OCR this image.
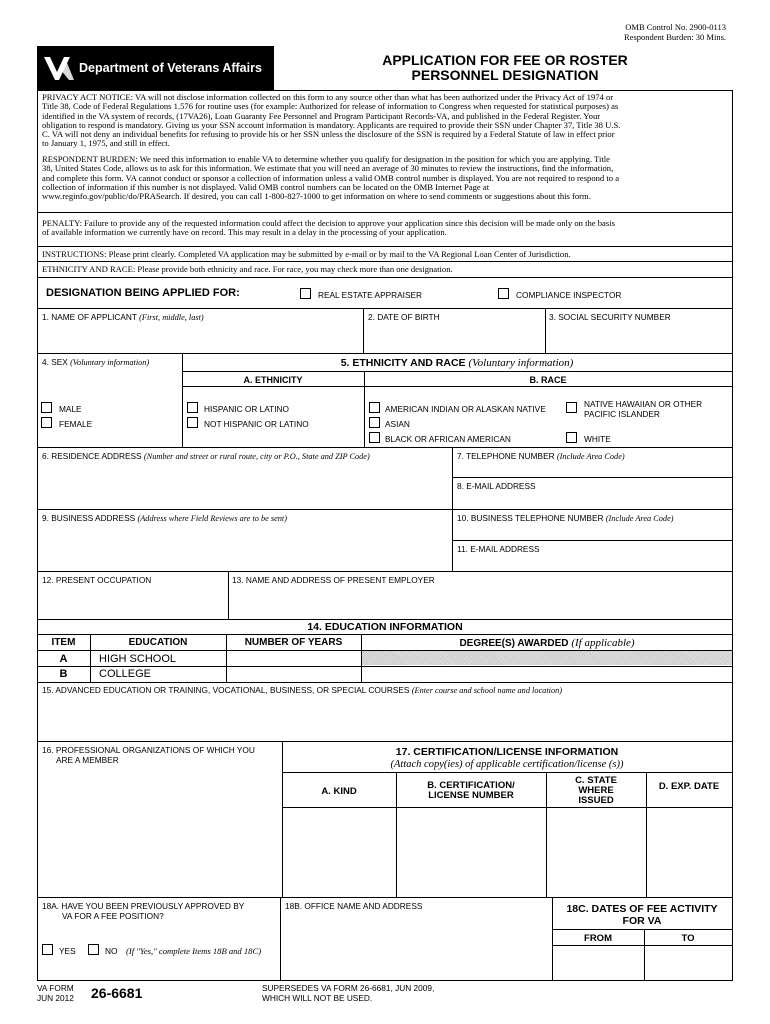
OMB Control No. 2900-0113
Respondent Burden: 30 Mins.
Department of Veterans Affairs	APPLICATION FOR FEE OR ROSTER
PERSONNEL DESIGNATION
PRIVACY ACT NOTICE: VA will not disclose information collected on this form to any source other than what has been authorized under the Privacy Act of 1974 or
Title 38, Code of Federal Regulations 1.576 for routine uses (for example: Authorized for release of information to Congress when requested for statistical purposes) as
identified in the VA system of records, (17VA26), Loan Guaranty Fee Personnel and Program Participant Records-VA, and published in the Federal Register. Your
obligation to respond is mandatory. Giving us your SSN account information is mandatory. Applicants are required to provide their SSN under Chapter 37, Title 38 U.S.
C. VA will not deny an individual benefits for refusing to provide his or her SSN unless the disclosure of the SSN is required by a Federal Statute of law in effect prior
to January 1, 1975, and still in effect.
RESPONDENT BURDEN: We need this information to enable VA to determine whether you qualify for designation in the position for which you are applying. Title
38, United States Code, allows us to ask for this information. We estimate that you will need an average of 30 minutes to review the instructions, find the information,
and complete this form. VA cannot conduct or sponsor a collection of information unless a valid OMB control number is displayed. You are not required to respond to a
collection of information if this number is not displayed. Valid OMB control numbers can be located on the OMB Internet Page at
www.reginfo.gov/public/do/PRASearch. If desired, you can call 1-800-827-1000 to get information on where to send comments or suggestions about this form.
PENALTY: Failure to provide any of the requested information could affect the decision to approve your application since this decision will be made only on the basis
of available information we currently have on record. This may result in a delay in the processing of your application.
INSTRUCTIONS: Please print clearly. Completed VA application may be submitted by e-mail or by mail to the VA Regional Loan Center of Jurisdiction.
ETHNICITY AND RACE: Please provide both ethnicity and race. For race, you may check more than one designation.
DESIGNATION BEING APPLIED FOR:	REAL ESTATE APPRAISER	COMPLIANCE INSPECTOR
1. NAME OF APPLICANT (First, middle, last)	2. DATE OF BIRTH	3. SOCIAL SECURITY NUMBER
4. SEX (Voluntary information)	5. ETHNICITY AND RACE (Voluntary information)
A. ETHNICITY	B. RACE
MALE
FEMALE
HISPANIC OR LATINO
NOT HISPANIC OR LATINO
AMERICAN INDIAN OR ALASKAN NATIVE	NATIVE HAWAIIAN OR OTHER
PACIFIC ISLANDER
ASIAN
BLACK OR AFRICAN AMERICAN	WHITE
6. RESIDENCE ADDRESS (Number and street or rural route, city or P.O., State and ZIP Code)	7. TELEPHONE NUMBER (Include Area Code)
8. E-MAIL ADDRESS
9. BUSINESS ADDRESS (Address where Field Reviews are to be sent)	10. BUSINESS TELEPHONE NUMBER (Include Area Code)
11. E-MAIL ADDRESS
12. PRESENT OCCUPATION	13. NAME AND ADDRESS OF PRESENT EMPLOYER
14. EDUCATION INFORMATION
ITEM	EDUCATION	NUMBER OF YEARS	DEGREE(S) AWARDED (If applicable)
A	HIGH SCHOOL
B	COLLEGE
15. ADVANCED EDUCATION OR TRAINING, VOCATIONAL, BUSINESS, OR SPECIAL COURSES (Enter course and school name and location)
16. PROFESSIONAL ORGANIZATIONS OF WHICH YOU
ARE A MEMBER
17. CERTIFICATION/LICENSE INFORMATION
(Attach copy(ies) of applicable certification/license (s))
A. KIND
B. CERTIFICATION/
LICENSE NUMBER
C. STATE
WHERE
ISSUED
D. EXP. DATE
18A. HAVE YOU BEEN PREVIOUSLY APPROVED BY
VA FOR A FEE POSITION?
YES	NO (If "Yes," complete Items 18B and 18C)
18B. OFFICE NAME AND ADDRESS	18C. DATES OF FEE ACTIVITY
FOR VA
FROM	TO
VA FORM
JUN 2012 26-6681	SUPERSEDES VA FORM 26-6681, JUN 2009,
WHICH WILL NOT BE USED.
